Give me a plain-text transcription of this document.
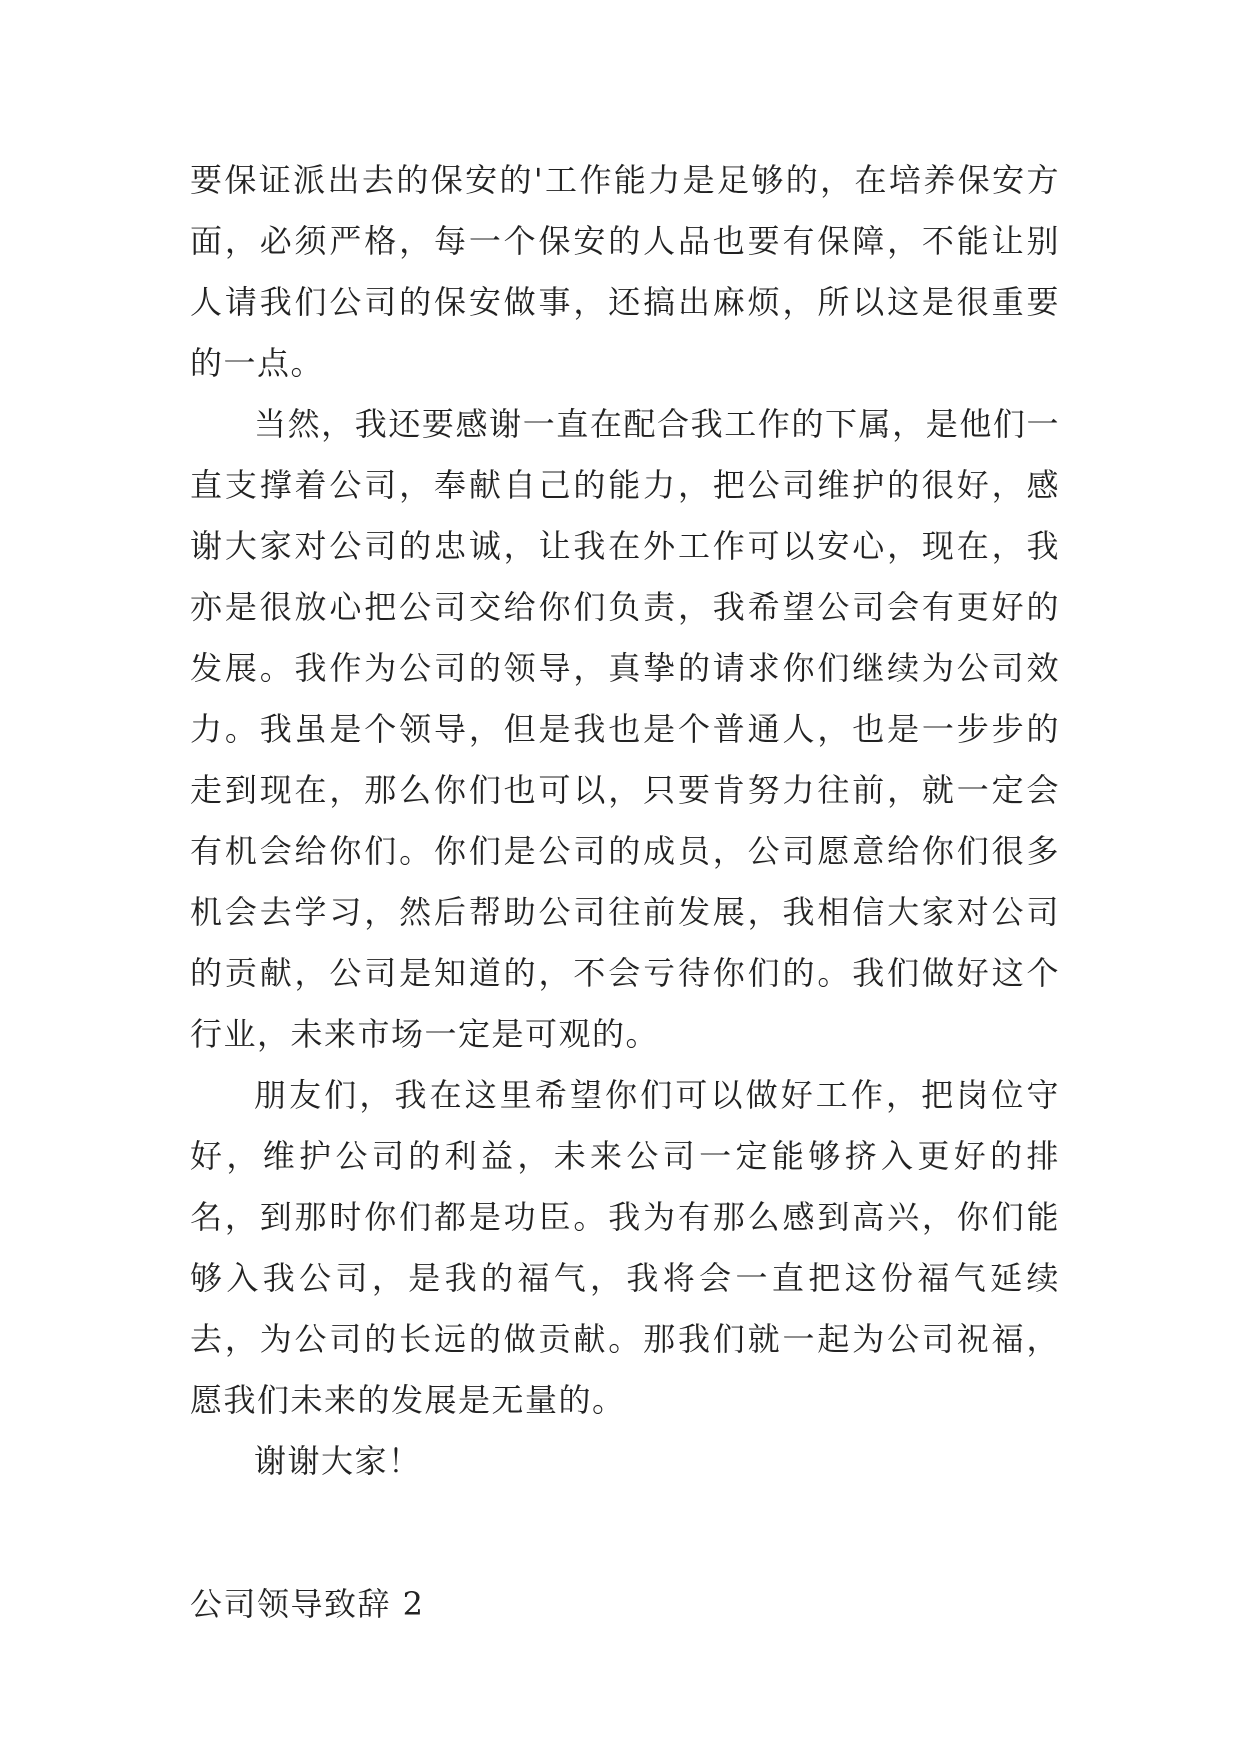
要保证派出去的保安的'工作能力是足够的，在培养保安方面，必须严格，每一个保安的人品也要有保障，不能让别人请我们公司的保安做事，还搞出麻烦，所以这是很重要的一点。

当然，我还要感谢一直在配合我工作的下属，是他们一直支撑着公司，奉献自己的能力，把公司维护的很好，感谢大家对公司的忠诚，让我在外工作可以安心，现在，我亦是很放心把公司交给你们负责，我希望公司会有更好的发展。我作为公司的领导，真挚的请求你们继续为公司效力。我虽是个领导，但是我也是个普通人，也是一步步的走到现在，那么你们也可以，只要肯努力往前，就一定会有机会给你们。你们是公司的成员，公司愿意给你们很多机会去学习，然后帮助公司往前发展，我相信大家对公司的贡献，公司是知道的，不会亏待你们的。我们做好这个行业，未来市场一定是可观的。

朋友们，我在这里希望你们可以做好工作，把岗位守好，维护公司的利益，未来公司一定能够挤入更好的排名，到那时你们都是功臣。我为有那么感到高兴，你们能够入我公司，是我的福气，我将会一直把这份福气延续去，为公司的长远的做贡献。那我们就一起为公司祝福，愿我们未来的发展是无量的。

谢谢大家！

公司领导致辞 2
